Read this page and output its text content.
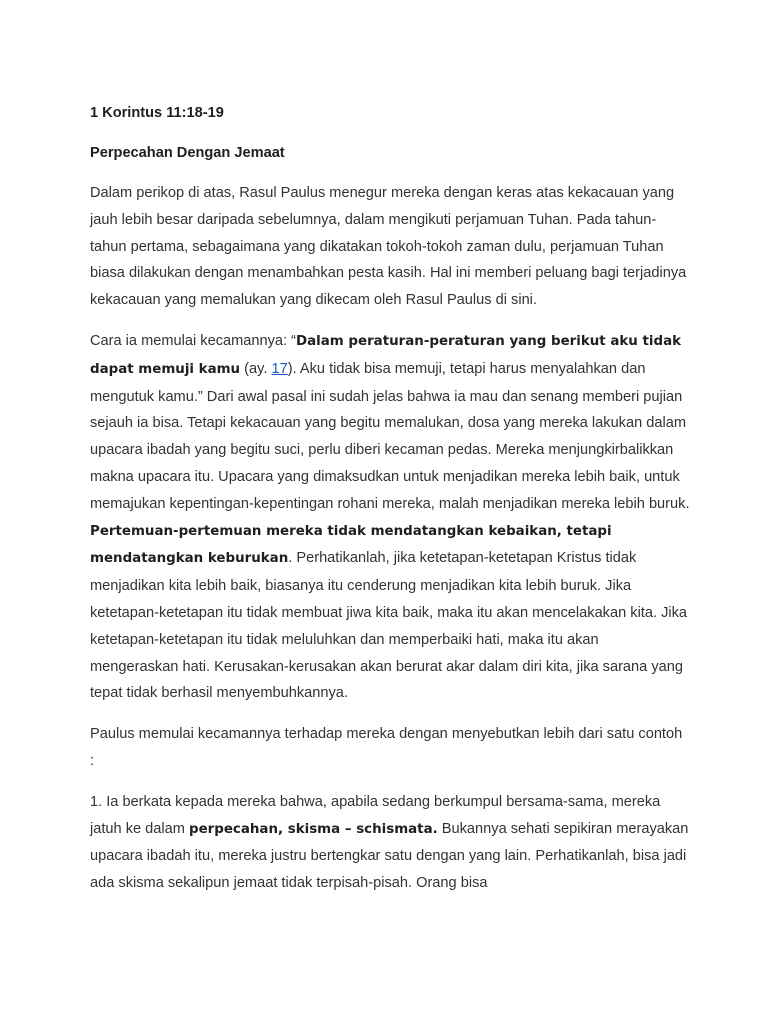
1 Korintus 11:18-19
Perpecahan Dengan Jemaat

Dalam perikop di atas, Rasul Paulus menegur mereka dengan keras atas kekacauan yang jauh lebih besar daripada sebelumnya, dalam mengikuti perjamuan Tuhan. Pada tahun-tahun pertama, sebagaimana yang dikatakan tokoh-tokoh zaman dulu, perjamuan Tuhan biasa dilakukan dengan menambahkan pesta kasih. Hal ini memberi peluang bagi terjadinya kekacauan yang memalukan yang dikecam oleh Rasul Paulus di sini.

Cara ia memulai kecamannya: “Dalam peraturan-peraturan yang berikut aku tidak dapat memuji kamu (ay. 17). Aku tidak bisa memuji, tetapi harus menyalahkan dan mengutuk kamu.” Dari awal pasal ini sudah jelas bahwa ia mau dan senang memberi pujian sejauh ia bisa. Tetapi kekacauan yang begitu memalukan, dosa yang mereka lakukan dalam upacara ibadah yang begitu suci, perlu diberi kecaman pedas. Mereka menjungkirbalikkan makna upacara itu. Upacara yang dimaksudkan untuk menjadikan mereka lebih baik, untuk memajukan kepentingan-kepentingan rohani mereka, malah menjadikan mereka lebih buruk. Pertemuan-pertemuan mereka tidak mendatangkan kebaikan, tetapi mendatangkan keburukan. Perhatikanlah, jika ketetapan-ketetapan Kristus tidak menjadikan kita lebih baik, biasanya itu cenderung menjadikan kita lebih buruk. Jika ketetapan-ketetapan itu tidak membuat jiwa kita baik, maka itu akan mencelakakan kita. Jika ketetapan-ketetapan itu tidak meluluhkan dan memperbaiki hati, maka itu akan mengeraskan hati. Kerusakan-kerusakan akan berurat akar dalam diri kita, jika sarana yang tepat tidak berhasil menyembuhkannya.

Paulus memulai kecamannya terhadap mereka dengan menyebutkan lebih dari satu contoh :

1. Ia berkata kepada mereka bahwa, apabila sedang berkumpul bersama-sama, mereka jatuh ke dalam perpecahan, skisma – schismata. Bukannya sehati sepikiran merayakan upacara ibadah itu, mereka justru bertengkar satu dengan yang lain. Perhatikanlah, bisa jadi ada skisma sekalipun jemaat tidak terpisah-pisah. Orang bisa
